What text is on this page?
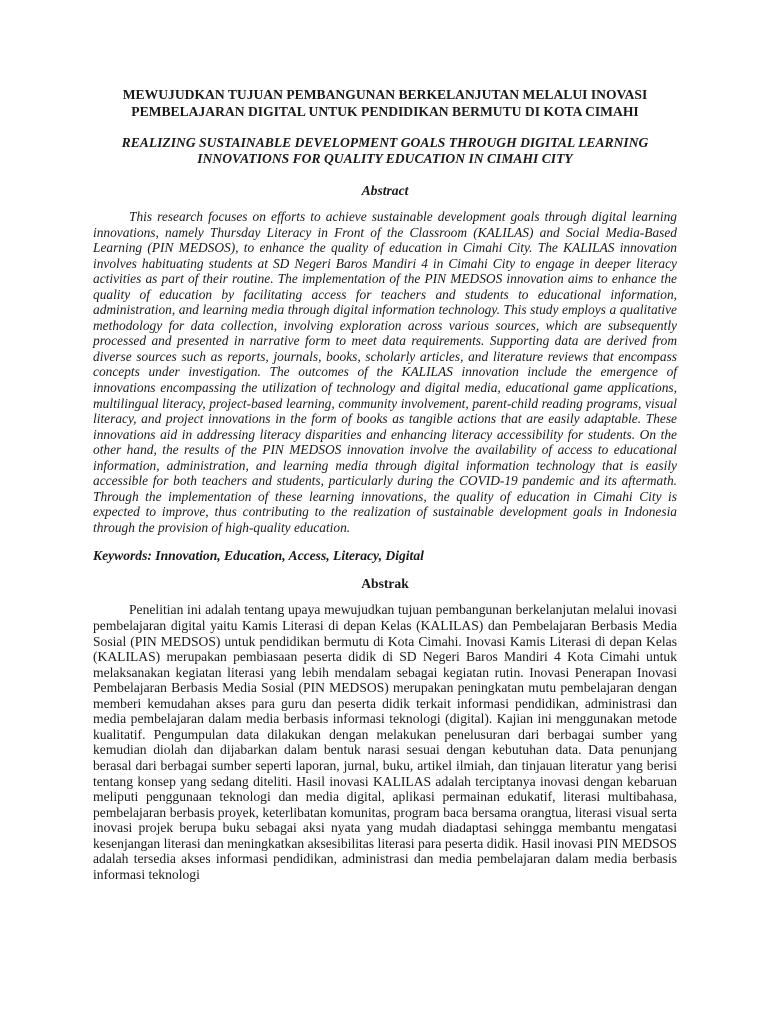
MEWUJUDKAN TUJUAN PEMBANGUNAN BERKELANJUTAN MELALUI INOVASI PEMBELAJARAN DIGITAL UNTUK PENDIDIKAN BERMUTU DI KOTA CIMAHI

REALIZING SUSTAINABLE DEVELOPMENT GOALS THROUGH DIGITAL LEARNING INNOVATIONS FOR QUALITY EDUCATION IN CIMAHI CITY

Abstract

This research focuses on efforts to achieve sustainable development goals through digital learning innovations, namely Thursday Literacy in Front of the Classroom (KALILAS) and Social Media-Based Learning (PIN MEDSOS), to enhance the quality of education in Cimahi City. The KALILAS innovation involves habituating students at SD Negeri Baros Mandiri 4 in Cimahi City to engage in deeper literacy activities as part of their routine. The implementation of the PIN MEDSOS innovation aims to enhance the quality of education by facilitating access for teachers and students to educational information, administration, and learning media through digital information technology. This study employs a qualitative methodology for data collection, involving exploration across various sources, which are subsequently processed and presented in narrative form to meet data requirements. Supporting data are derived from diverse sources such as reports, journals, books, scholarly articles, and literature reviews that encompass concepts under investigation. The outcomes of the KALILAS innovation include the emergence of innovations encompassing the utilization of technology and digital media, educational game applications, multilingual literacy, project-based learning, community involvement, parent-child reading programs, visual literacy, and project innovations in the form of books as tangible actions that are easily adaptable. These innovations aid in addressing literacy disparities and enhancing literacy accessibility for students. On the other hand, the results of the PIN MEDSOS innovation involve the availability of access to educational information, administration, and learning media through digital information technology that is easily accessible for both teachers and students, particularly during the COVID-19 pandemic and its aftermath. Through the implementation of these learning innovations, the quality of education in Cimahi City is expected to improve, thus contributing to the realization of sustainable development goals in Indonesia through the provision of high-quality education.

Keywords: Innovation, Education, Access, Literacy, Digital

Abstrak

Penelitian ini adalah tentang upaya mewujudkan tujuan pembangunan berkelanjutan melalui inovasi pembelajaran digital yaitu Kamis Literasi di depan Kelas (KALILAS) dan Pembelajaran Berbasis Media Sosial (PIN MEDSOS) untuk pendidikan bermutu di Kota Cimahi. Inovasi Kamis Literasi di depan Kelas (KALILAS) merupakan pembiasaan peserta didik di SD Negeri Baros Mandiri 4 Kota Cimahi untuk melaksanakan kegiatan literasi yang lebih mendalam sebagai kegiatan rutin. Inovasi Penerapan Inovasi Pembelajaran Berbasis Media Sosial (PIN MEDSOS) merupakan peningkatan mutu pembelajaran dengan memberi kemudahan akses para guru dan peserta didik terkait informasi pendidikan, administrasi dan media pembelajaran dalam media berbasis informasi teknologi (digital). Kajian ini menggunakan metode kualitatif. Pengumpulan data dilakukan dengan melakukan penelusuran dari berbagai sumber yang kemudian diolah dan dijabarkan dalam bentuk narasi sesuai dengan kebutuhan data. Data penunjang berasal dari berbagai sumber seperti laporan, jurnal, buku, artikel ilmiah, dan tinjauan literatur yang berisi tentang konsep yang sedang diteliti. Hasil inovasi KALILAS adalah terciptanya inovasi dengan kebaruan meliputi penggunaan teknologi dan media digital, aplikasi permainan edukatif, literasi multibahasa, pembelajaran berbasis proyek, keterlibatan komunitas, program baca bersama orangtua, literasi visual serta inovasi projek berupa buku sebagai aksi nyata yang mudah diadaptasi sehingga membantu mengatasi kesenjangan literasi dan meningkatkan aksesibilitas literasi para peserta didik. Hasil inovasi PIN MEDSOS adalah tersedia akses informasi pendidikan, administrasi dan media pembelajaran dalam media berbasis informasi teknologi
